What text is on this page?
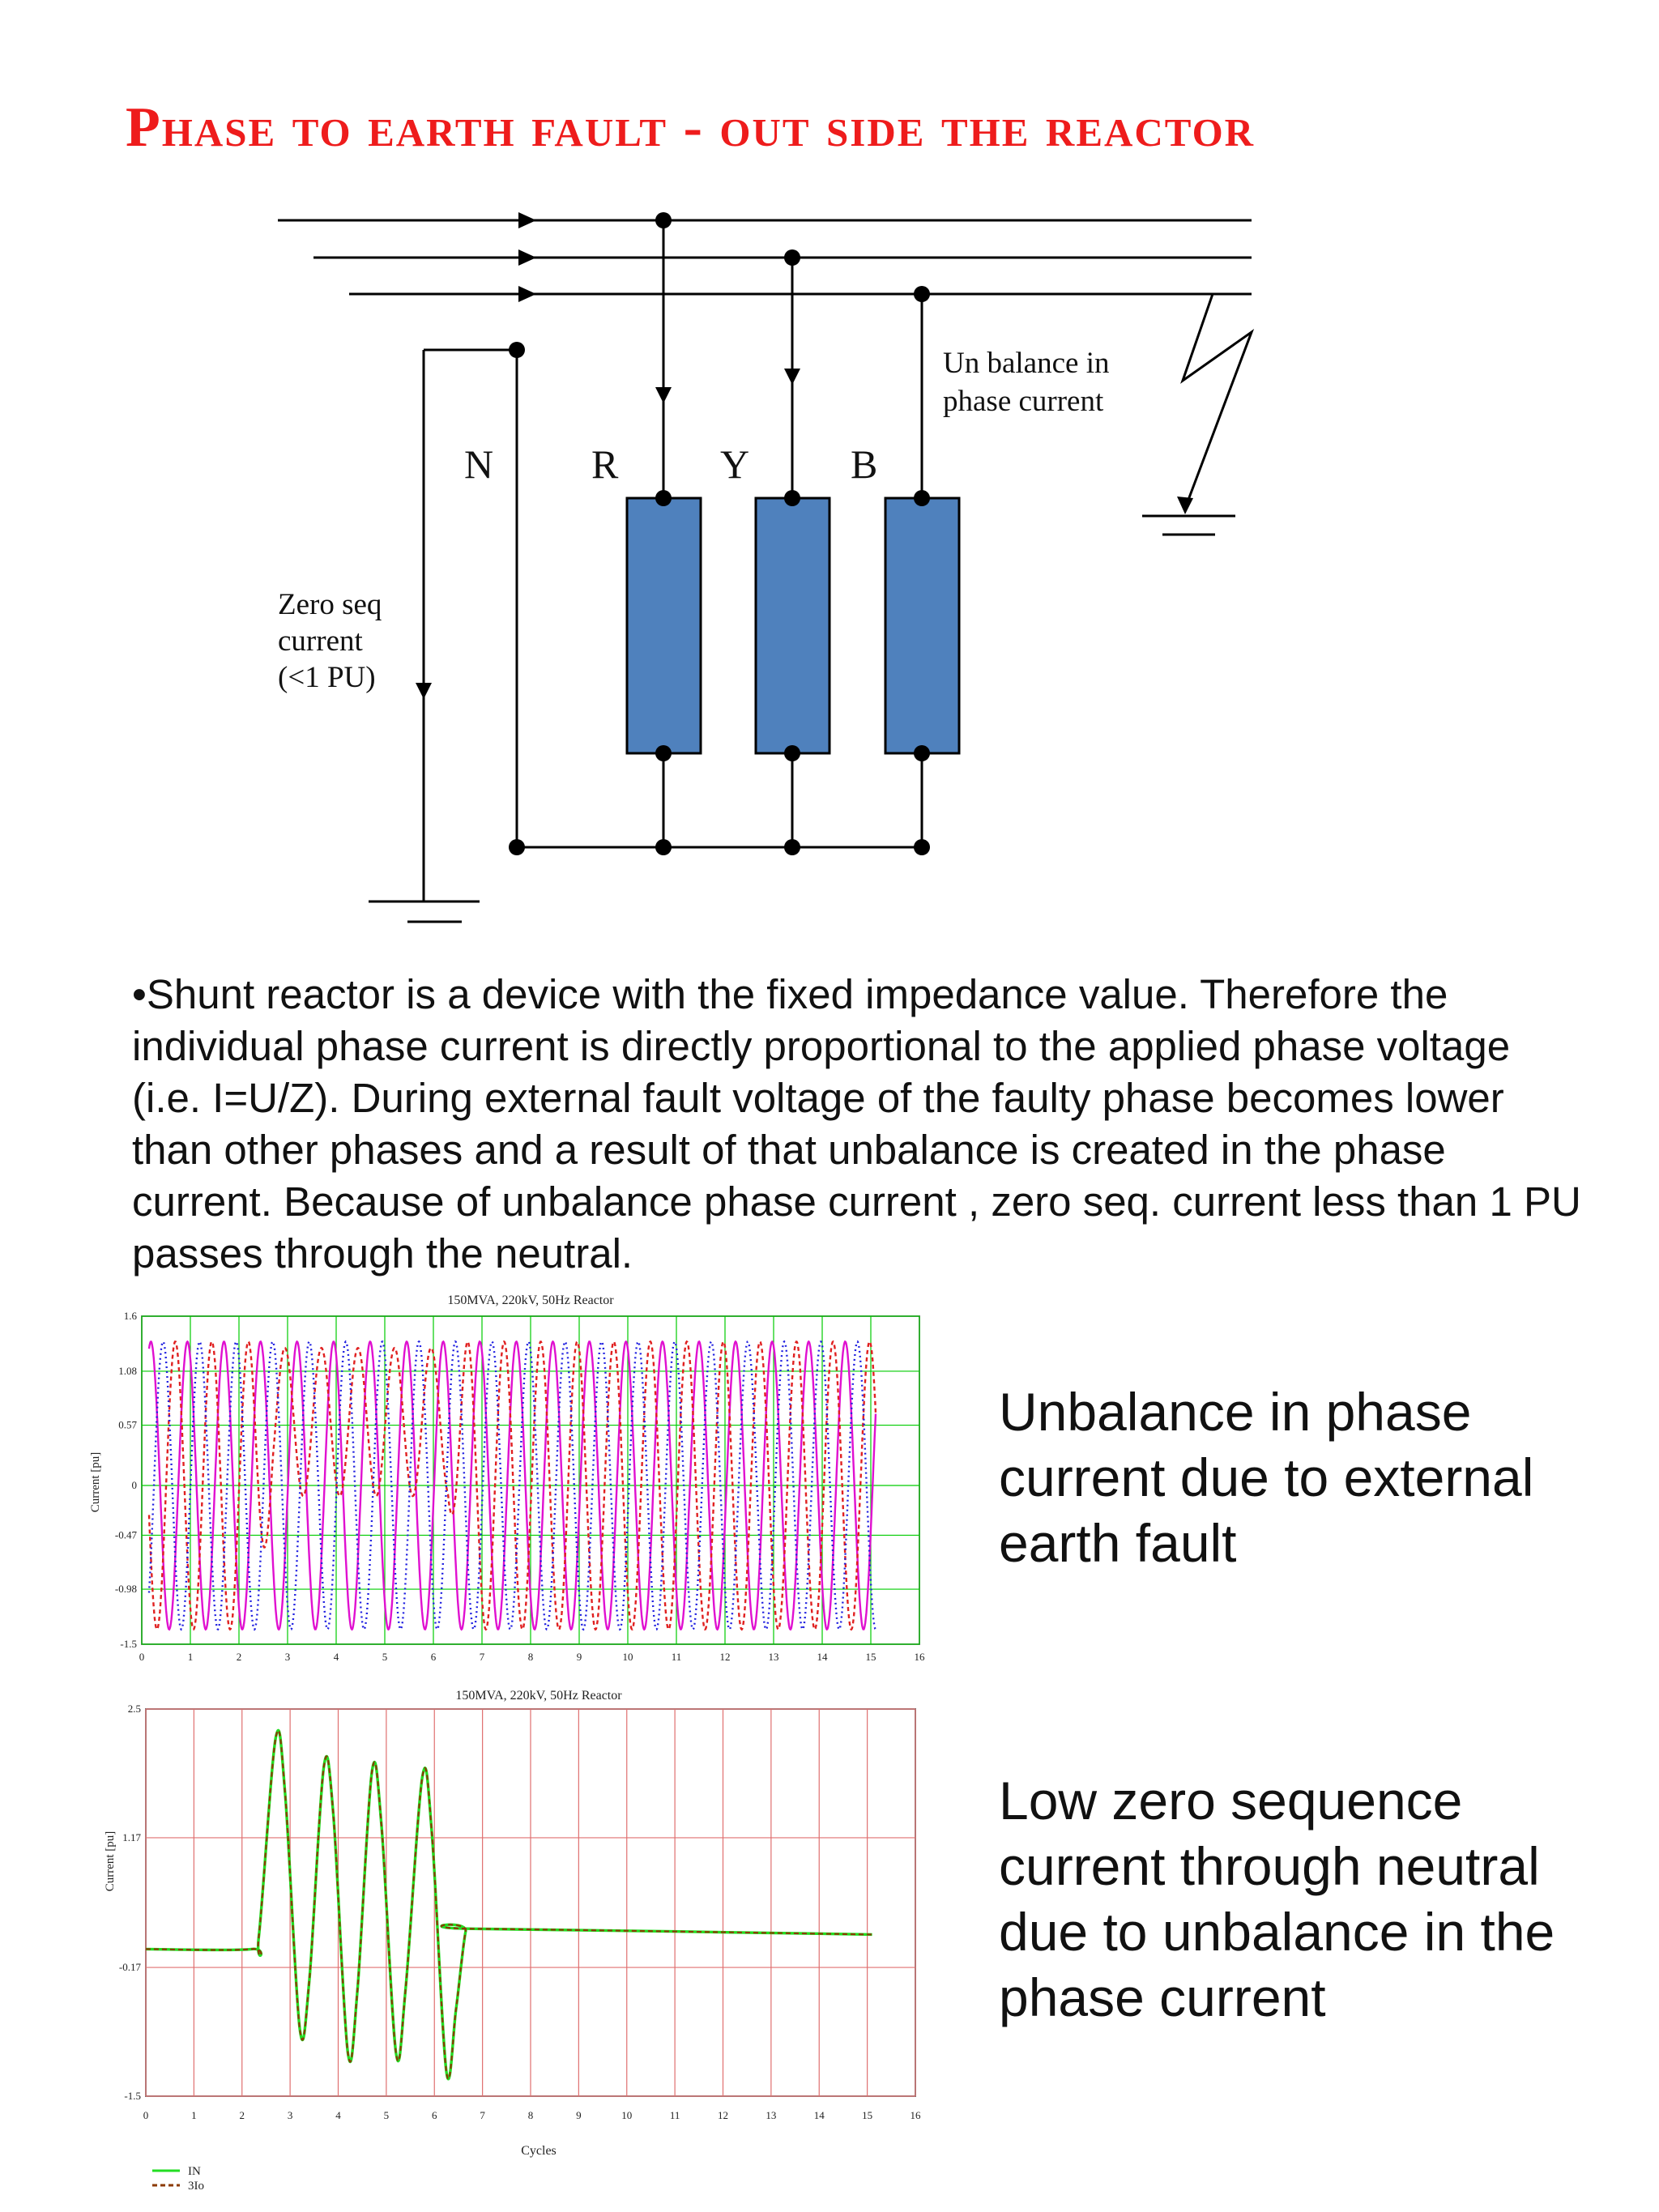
Phase to earth fault - out side the reactor
N R	Y B
Un balance in
phase current
Zero seq
current
(<1 PU)
•Shunt reactor is a device with the fixed impedance value. Therefore the individual phase current is directly proportional to the applied phase voltage (i.e. I=U/Z). During external fault voltage of the faulty phase becomes lower than other phases and a result of that unbalance is created in the phase current. Because of unbalance phase current , zero seq. current less than 1 PU passes through the neutral.
150MVA, 220kV, 50Hz Reactor
Current [pu]
0	1	2	3	4	5	6	7	8	9	10	11	12	13	14	15	16
1.6
1.08
0.57
0
-0.47
-0.98
-1.5
150MVA, 220kV, 50Hz Reactor
Current [pu]
2.5
1.17
-0.17
-1.5
0	1	2	3	4	5	6	7	8	9	10	11	12	13	14	15	16
Cycles
IN
3Io
Unbalance in phase current due to external earth fault
Low zero sequence current through neutral due to unbalance in the phase current
